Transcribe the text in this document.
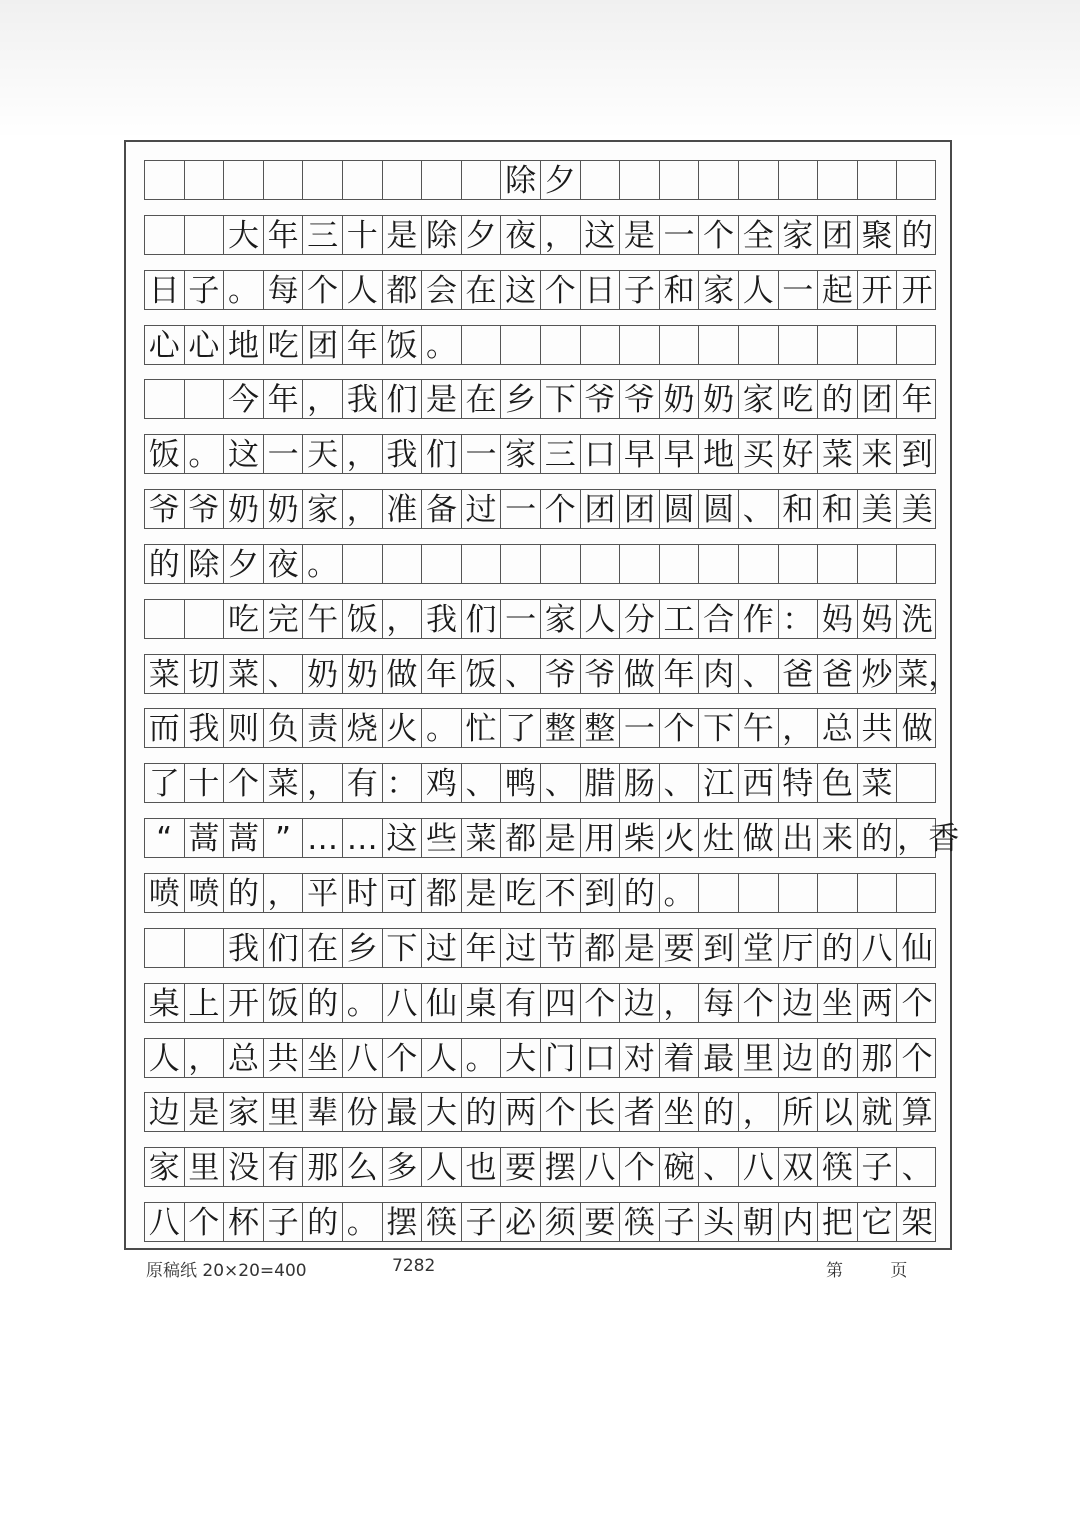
除 夕
大 年 三 十 是 除 夕 夜 ， 这 是 一 个 全 家 团 聚 的
日 子 。 每 个 人 都 会 在 这 个 日 子 和 家 人 一 起 开 开
心 心 地 吃 团 年 饭 。
今 年 ， 我 们 是 在 乡 下 爷 爷 奶 奶 家 吃 的 团 年
饭 。 这 一 天 ， 我 们 一 家 三 口 早 早 地 买 好 菜 来 到
爷 爷 奶 奶 家 ， 准 备 过 一 个 团 团 圆 圆 、 和 和 美 美
的 除 夕 夜 。
吃 完 午 饭 ， 我 们 一 家 人 分 工 合 作 ： 妈 妈 洗
菜 切 菜 、 奶 奶 做 年 饭 、 爷 爷 做 年 肉 、 爸 爸 炒 菜，
而 我 则 负 责 烧 火 。 忙 了 整 整 一 个 下 午 ， 总 共 做
了 十 个 菜 ， 有 ： 鸡 、 鸭 、 腊 肠 、 江 西 特 色 菜
“ 蒿 蒿 ” … … 这 些 菜 都 是 用 柴 火 灶 做 出 来 的 ，香
喷 喷 的 ， 平 时 可 都 是 吃 不 到 的 。
我 们 在 乡 下 过 年 过 节 都 是 要 到 堂 厅 的 八 仙
桌 上 开 饭 的 。 八 仙 桌 有 四 个 边 ， 每 个 边 坐 两 个
人 ， 总 共 坐 八 个 人 。 大 门 口 对 着 最 里 边 的 那 个
边 是 家 里 辈 份 最 大 的 两 个 长 者 坐 的 ， 所 以 就 算
家 里 没 有 那 么 多 人 也 要 摆 八 个 碗 、 八 双 筷 子 、
八 个 杯 子 的 。 摆 筷 子 必 须 要 筷 子 头 朝 内 把 它 架
原稿纸 20×20=400	7282	第 页
